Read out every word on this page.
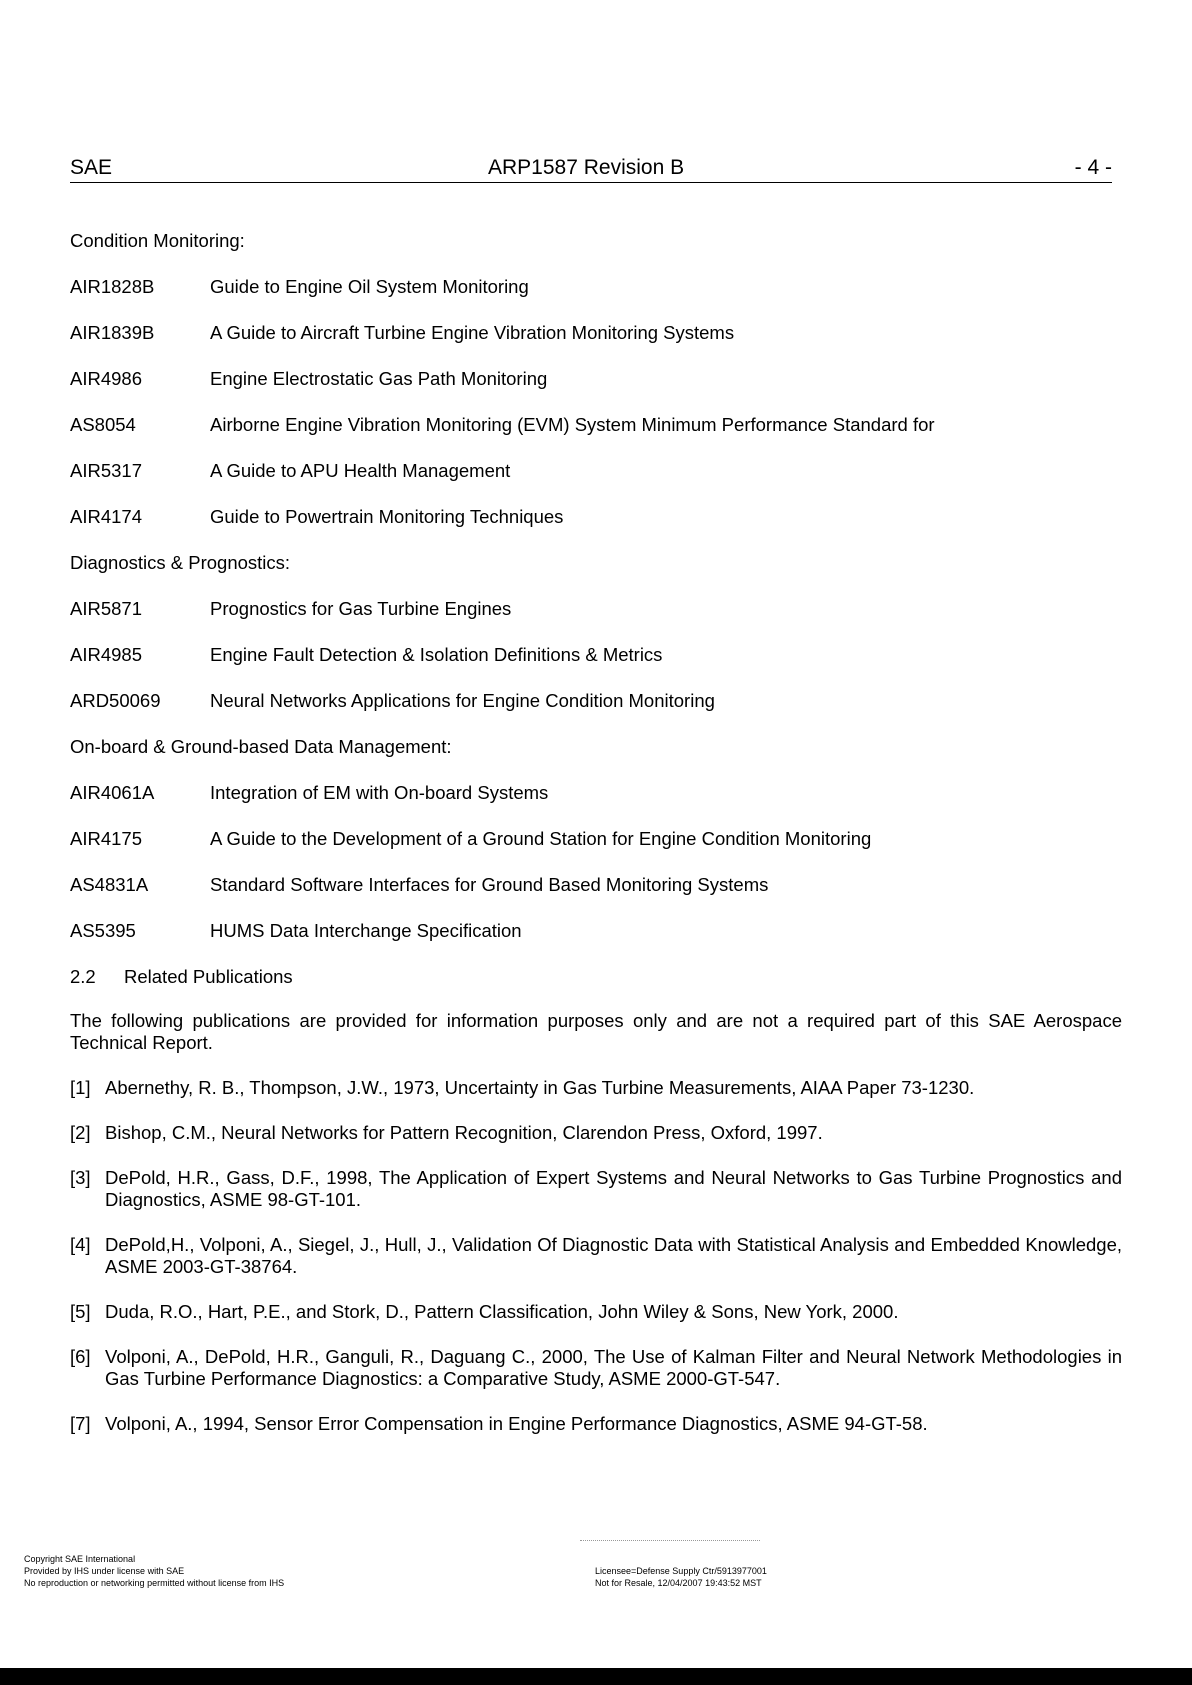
SAE	ARP1587 Revision B	- 4 -
Condition Monitoring:
AIR1828B	Guide to Engine Oil System Monitoring
AIR1839B	A Guide to Aircraft Turbine Engine Vibration Monitoring Systems
AIR4986	Engine Electrostatic Gas Path Monitoring
AS8054	Airborne Engine Vibration Monitoring (EVM) System Minimum Performance Standard for
AIR5317	A Guide to APU Health Management
AIR4174	Guide to Powertrain Monitoring Techniques
Diagnostics & Prognostics:
AIR5871	Prognostics for Gas Turbine Engines
AIR4985	Engine Fault Detection & Isolation Definitions & Metrics
ARD50069	Neural Networks Applications for Engine Condition Monitoring
On-board & Ground-based Data Management:
AIR4061A	Integration of EM with On-board Systems
AIR4175	A Guide to the Development of a Ground Station for Engine Condition Monitoring
AS4831A	Standard Software Interfaces for Ground Based Monitoring Systems
AS5395	HUMS Data Interchange Specification
2.2 Related Publications
The following publications are provided for information purposes only and are not a required part of this SAE Aerospace Technical Report.
[1] Abernethy, R. B., Thompson, J.W., 1973, Uncertainty in Gas Turbine Measurements, AIAA Paper 73-1230.
[2] Bishop, C.M., Neural Networks for Pattern Recognition, Clarendon Press, Oxford, 1997.
[3] DePold, H.R., Gass, D.F., 1998, The Application of Expert Systems and Neural Networks to Gas Turbine Prognostics and Diagnostics, ASME 98-GT-101.
[4] DePold,H., Volponi, A., Siegel, J., Hull, J., Validation Of Diagnostic Data with Statistical Analysis and Embedded Knowledge, ASME 2003-GT-38764.
[5] Duda, R.O., Hart, P.E., and Stork, D., Pattern Classification, John Wiley & Sons, New York, 2000.
[6] Volponi, A., DePold, H.R., Ganguli, R., Daguang C., 2000, The Use of Kalman Filter and Neural Network Methodologies in Gas Turbine Performance Diagnostics: a Comparative Study, ASME 2000-GT-547.
[7] Volponi, A., 1994, Sensor Error Compensation in Engine Performance Diagnostics, ASME 94-GT-58.
Copyright SAE International
Provided by IHS under license with SAE
No reproduction or networking permitted without license from IHS
Licensee=Defense Supply Ctr/5913977001
Not for Resale, 12/04/2007 19:43:52 MST
